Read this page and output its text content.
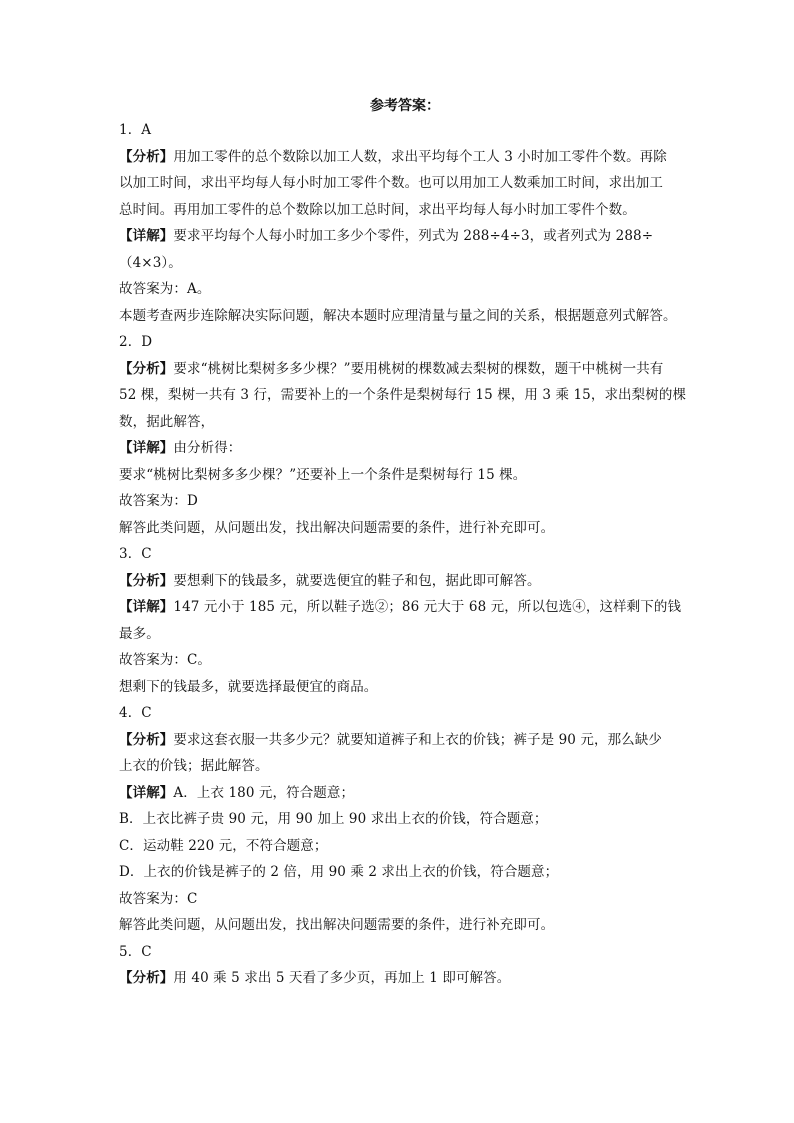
参考答案：
1．A
【分析】用加工零件的总个数除以加工人数，求出平均每个工人 3 小时加工零件个数。再除
以加工时间，求出平均每人每小时加工零件个数。也可以用加工人数乘加工时间，求出加工
总时间。再用加工零件的总个数除以加工总时间，求出平均每人每小时加工零件个数。
【详解】要求平均每个人每小时加工多少个零件，列式为 288÷4÷3，或者列式为 288÷
（4×3）。
故答案为：A。
本题考查两步连除解决实际问题，解决本题时应理清量与量之间的关系，根据题意列式解答。
2．D
【分析】要求“桃树比梨树多多少棵？”要用桃树的棵数减去梨树的棵数，题干中桃树一共有
52 棵，梨树一共有 3 行，需要补上的一个条件是梨树每行 15 棵，用 3 乘 15，求出梨树的棵
数，据此解答，
【详解】由分析得：
要求“桃树比梨树多多少棵？”还要补上一个条件是梨树每行 15 棵。
故答案为：D
解答此类问题，从问题出发，找出解决问题需要的条件，进行补充即可。
3．C
【分析】要想剩下的钱最多，就要选便宜的鞋子和包，据此即可解答。
【详解】147 元小于 185 元，所以鞋子选②；86 元大于 68 元，所以包选④，这样剩下的钱
最多。
故答案为：C。
想剩下的钱最多，就要选择最便宜的商品。
4．C
【分析】要求这套衣服一共多少元？就要知道裤子和上衣的价钱；裤子是 90 元，那么缺少
上衣的价钱；据此解答。
【详解】A．上衣 180 元，符合题意；
B．上衣比裤子贵 90 元，用 90 加上 90 求出上衣的价钱，符合题意；
C．运动鞋 220 元，不符合题意；
D．上衣的价钱是裤子的 2 倍，用 90 乘 2 求出上衣的价钱，符合题意；
故答案为：C
解答此类问题，从问题出发，找出解决问题需要的条件，进行补充即可。
5．C
【分析】用 40 乘 5 求出 5 天看了多少页，再加上 1 即可解答。
